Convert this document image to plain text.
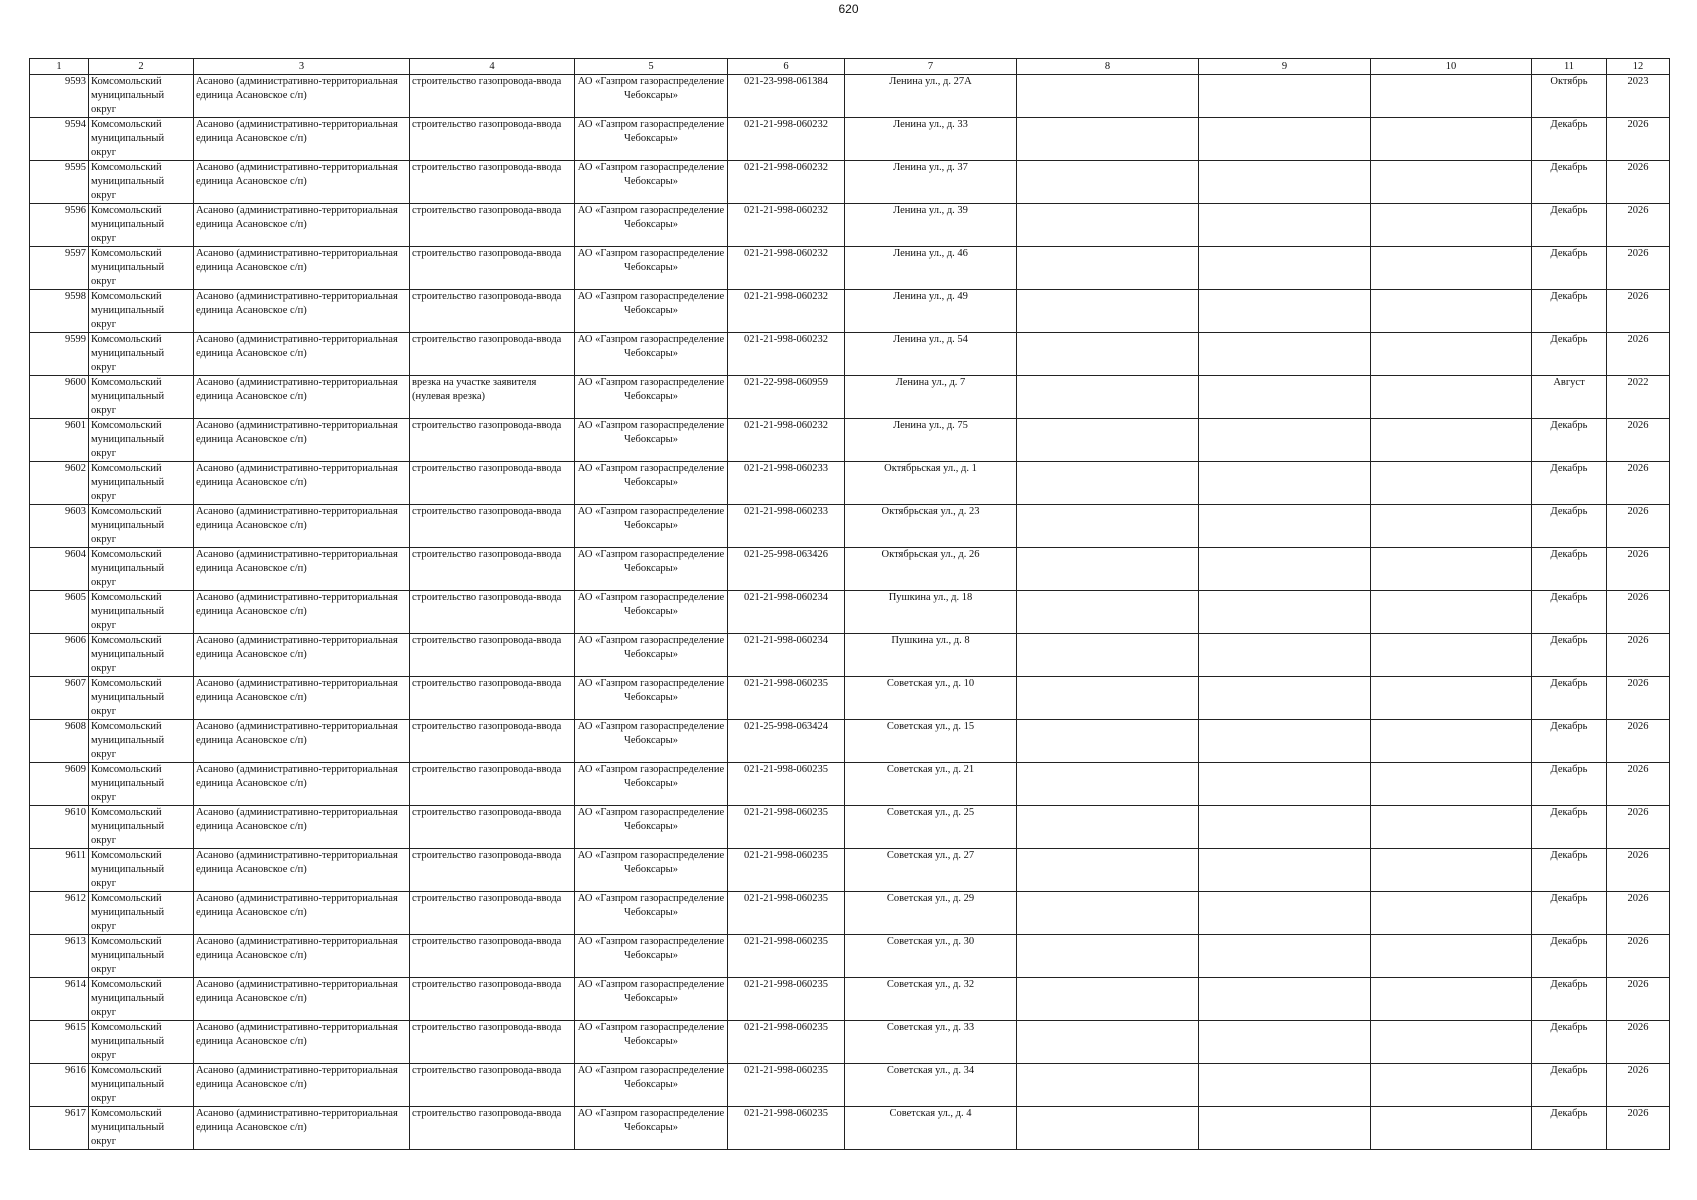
620
1	2	3	4	5	6	7	8	9	10	11	12
9593	Комсомольский муниципальный округ	Асаново (административно-территориальная единица Асановское с/п)	строительство газопровода-ввода	АО «Газпром газораспределение Чебоксары»	021-23-998-061384	Ленина ул., д. 27А				Октябрь	2023
9594	Комсомольский муниципальный округ	Асаново (административно-территориальная единица Асановское с/п)	строительство газопровода-ввода	АО «Газпром газораспределение Чебоксары»	021-21-998-060232	Ленина ул., д. 33				Декабрь	2026
9595	Комсомольский муниципальный округ	Асаново (административно-территориальная единица Асановское с/п)	строительство газопровода-ввода	АО «Газпром газораспределение Чебоксары»	021-21-998-060232	Ленина ул., д. 37				Декабрь	2026
9596	Комсомольский муниципальный округ	Асаново (административно-территориальная единица Асановское с/п)	строительство газопровода-ввода	АО «Газпром газораспределение Чебоксары»	021-21-998-060232	Ленина ул., д. 39				Декабрь	2026
9597	Комсомольский муниципальный округ	Асаново (административно-территориальная единица Асановское с/п)	строительство газопровода-ввода	АО «Газпром газораспределение Чебоксары»	021-21-998-060232	Ленина ул., д. 46				Декабрь	2026
9598	Комсомольский муниципальный округ	Асаново (административно-территориальная единица Асановское с/п)	строительство газопровода-ввода	АО «Газпром газораспределение Чебоксары»	021-21-998-060232	Ленина ул., д. 49				Декабрь	2026
9599	Комсомольский муниципальный округ	Асаново (административно-территориальная единица Асановское с/п)	строительство газопровода-ввода	АО «Газпром газораспределение Чебоксары»	021-21-998-060232	Ленина ул., д. 54				Декабрь	2026
9600	Комсомольский муниципальный округ	Асаново (административно-территориальная единица Асановское с/п)	врезка на участке заявителя (нулевая врезка)	АО «Газпром газораспределение Чебоксары»	021-22-998-060959	Ленина ул., д. 7				Август	2022
9601	Комсомольский муниципальный округ	Асаново (административно-территориальная единица Асановское с/п)	строительство газопровода-ввода	АО «Газпром газораспределение Чебоксары»	021-21-998-060232	Ленина ул., д. 75				Декабрь	2026
9602	Комсомольский муниципальный округ	Асаново (административно-территориальная единица Асановское с/п)	строительство газопровода-ввода	АО «Газпром газораспределение Чебоксары»	021-21-998-060233	Октябрьская ул., д. 1				Декабрь	2026
9603	Комсомольский муниципальный округ	Асаново (административно-территориальная единица Асановское с/п)	строительство газопровода-ввода	АО «Газпром газораспределение Чебоксары»	021-21-998-060233	Октябрьская ул., д. 23				Декабрь	2026
9604	Комсомольский муниципальный округ	Асаново (административно-территориальная единица Асановское с/п)	строительство газопровода-ввода	АО «Газпром газораспределение Чебоксары»	021-25-998-063426	Октябрьская ул., д. 26				Декабрь	2026
9605	Комсомольский муниципальный округ	Асаново (административно-территориальная единица Асановское с/п)	строительство газопровода-ввода	АО «Газпром газораспределение Чебоксары»	021-21-998-060234	Пушкина ул., д. 18				Декабрь	2026
9606	Комсомольский муниципальный округ	Асаново (административно-территориальная единица Асановское с/п)	строительство газопровода-ввода	АО «Газпром газораспределение Чебоксары»	021-21-998-060234	Пушкина ул., д. 8				Декабрь	2026
9607	Комсомольский муниципальный округ	Асаново (административно-территориальная единица Асановское с/п)	строительство газопровода-ввода	АО «Газпром газораспределение Чебоксары»	021-21-998-060235	Советская ул., д. 10				Декабрь	2026
9608	Комсомольский муниципальный округ	Асаново (административно-территориальная единица Асановское с/п)	строительство газопровода-ввода	АО «Газпром газораспределение Чебоксары»	021-25-998-063424	Советская ул., д. 15				Декабрь	2026
9609	Комсомольский муниципальный округ	Асаново (административно-территориальная единица Асановское с/п)	строительство газопровода-ввода	АО «Газпром газораспределение Чебоксары»	021-21-998-060235	Советская ул., д. 21				Декабрь	2026
9610	Комсомольский муниципальный округ	Асаново (административно-территориальная единица Асановское с/п)	строительство газопровода-ввода	АО «Газпром газораспределение Чебоксары»	021-21-998-060235	Советская ул., д. 25				Декабрь	2026
9611	Комсомольский муниципальный округ	Асаново (административно-территориальная единица Асановское с/п)	строительство газопровода-ввода	АО «Газпром газораспределение Чебоксары»	021-21-998-060235	Советская ул., д. 27				Декабрь	2026
9612	Комсомольский муниципальный округ	Асаново (административно-территориальная единица Асановское с/п)	строительство газопровода-ввода	АО «Газпром газораспределение Чебоксары»	021-21-998-060235	Советская ул., д. 29				Декабрь	2026
9613	Комсомольский муниципальный округ	Асаново (административно-территориальная единица Асановское с/п)	строительство газопровода-ввода	АО «Газпром газораспределение Чебоксары»	021-21-998-060235	Советская ул., д. 30				Декабрь	2026
9614	Комсомольский муниципальный округ	Асаново (административно-территориальная единица Асановское с/п)	строительство газопровода-ввода	АО «Газпром газораспределение Чебоксары»	021-21-998-060235	Советская ул., д. 32				Декабрь	2026
9615	Комсомольский муниципальный округ	Асаново (административно-территориальная единица Асановское с/п)	строительство газопровода-ввода	АО «Газпром газораспределение Чебоксары»	021-21-998-060235	Советская ул., д. 33				Декабрь	2026
9616	Комсомольский муниципальный округ	Асаново (административно-территориальная единица Асановское с/п)	строительство газопровода-ввода	АО «Газпром газораспределение Чебоксары»	021-21-998-060235	Советская ул., д. 34				Декабрь	2026
9617	Комсомольский муниципальный округ	Асаново (административно-территориальная единица Асановское с/п)	строительство газопровода-ввода	АО «Газпром газораспределение Чебоксары»	021-21-998-060235	Советская ул., д. 4				Декабрь	2026
